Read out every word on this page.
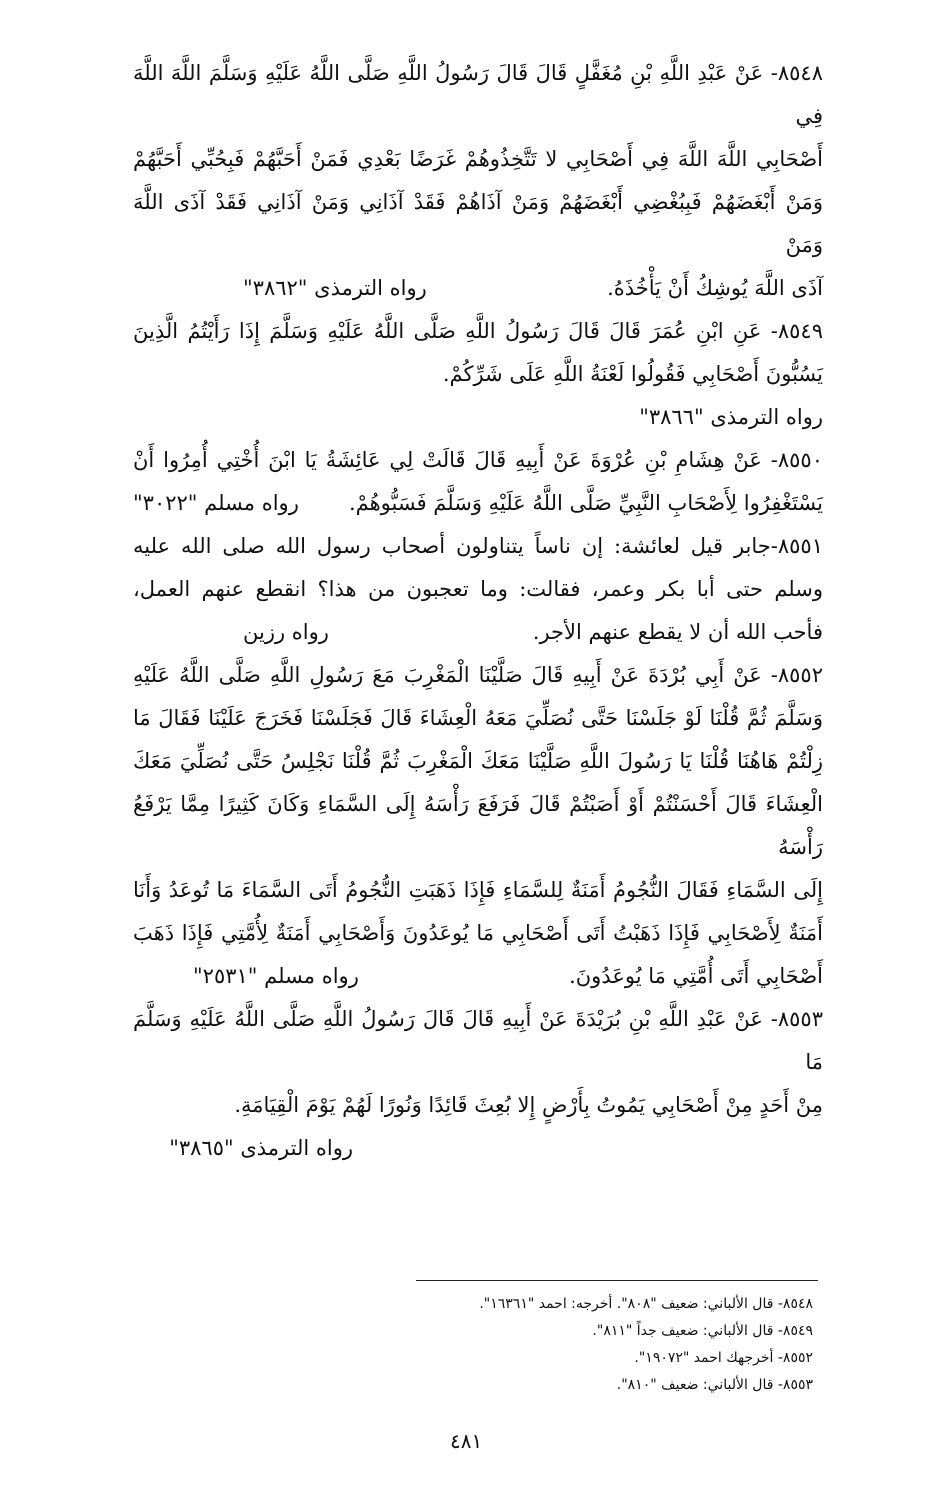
٨٥٤٨- عَنْ عَبْدِ اللَّهِ بْنِ مُغَفَّلٍ قَالَ قَالَ رَسُولُ اللَّهِ صَلَّى اللَّهُ عَلَيْهِ وَسَلَّمَ اللَّهَ اللَّهَ فِي
أَصْحَابِي اللَّهَ اللَّهَ فِي أَصْحَابِي لا تَتَّخِذُوهُمْ غَرَضًا بَعْدِي فَمَنْ أَحَبَّهُمْ فَبِحُبِّي أَحَبَّهُمْ
وَمَنْ أَبْغَضَهُمْ فَبِبُغْضِي أَبْغَضَهُمْ وَمَنْ آذَاهُمْ فَقَدْ آذَانِي وَمَنْ آذَانِي فَقَدْ آذَى اللَّهَ وَمَنْ
آذَى اللَّهَ يُوشِكُ أَنْ يَأْخُذَهُ.
رواه الترمذى "٣٨٦٢"
٨٥٤٩- عَنِ ابْنِ عُمَرَ قَالَ قَالَ رَسُولُ اللَّهِ صَلَّى اللَّهُ عَلَيْهِ وَسَلَّمَ إِذَا رَأَيْتُمُ الَّذِينَ
يَسُبُّونَ أَصْحَابِي فَقُولُوا لَعْنَةُ اللَّهِ عَلَى شَرِّكُمْ.
رواه الترمذى "٣٨٦٦"
٨٥٥٠- عَنْ هِشَامِ بْنِ عُرْوَةَ عَنْ أَبِيهِ قَالَ قَالَتْ لِي عَائِشَةُ يَا ابْنَ أُخْتِي أُمِرُوا أَنْ
يَسْتَغْفِرُوا لِأَصْحَابِ النَّبِيِّ صَلَّى اللَّهُ عَلَيْهِ وَسَلَّمَ فَسَبُّوهُمْ.
رواه مسلم "٣٠٢٢"
٨٥٥١-جابر قيل لعائشة: إن ناساً يتناولون أصحاب رسول الله صلى الله عليه
وسلم حتى أبا بكر وعمر، فقالت: وما تعجبون من هذا؟ انقطع عنهم العمل،
فأحب الله أن لا يقطع عنهم الأجر.
رواه رزين
٨٥٥٢- عَنْ أَبِي بُرْدَةَ عَنْ أَبِيهِ قَالَ صَلَّيْنَا الْمَغْرِبَ مَعَ رَسُولِ اللَّهِ صَلَّى اللَّهُ عَلَيْهِ
وَسَلَّمَ ثُمَّ قُلْنَا لَوْ جَلَسْنَا حَتَّى نُصَلِّيَ مَعَهُ الْعِشَاءَ قَالَ فَجَلَسْنَا فَخَرَجَ عَلَيْنَا فَقَالَ مَا
زِلْتُمْ هَاهُنَا قُلْنَا يَا رَسُولَ اللَّهِ صَلَّيْنَا مَعَكَ الْمَغْرِبَ ثُمَّ قُلْنَا نَجْلِسُ حَتَّى نُصَلِّيَ مَعَكَ
الْعِشَاءَ قَالَ أَحْسَنْتُمْ أَوْ أَصَبْتُمْ قَالَ فَرَفَعَ رَأْسَهُ إِلَى السَّمَاءِ وَكَانَ كَثِيرًا مِمَّا يَرْفَعُ رَأْسَهُ
إِلَى السَّمَاءِ فَقَالَ النُّجُومُ أَمَنَةٌ لِلسَّمَاءِ فَإِذَا ذَهَبَتِ النُّجُومُ أَتَى السَّمَاءَ مَا تُوعَدُ وَأَنَا
أَمَنَةٌ لِأَصْحَابِي فَإِذَا ذَهَبْتُ أَتَى أَصْحَابِي مَا يُوعَدُونَ وَأَصْحَابِي أَمَنَةٌ لِأُمَّتِي فَإِذَا ذَهَبَ
أَصْحَابِي أَتَى أُمَّتِي مَا يُوعَدُونَ.
رواه مسلم "٢٥٣١"
٨٥٥٣- عَنْ عَبْدِ اللَّهِ بْنِ بُرَيْدَةَ عَنْ أَبِيهِ قَالَ قَالَ رَسُولُ اللَّهِ صَلَّى اللَّهُ عَلَيْهِ وَسَلَّمَ مَا
مِنْ أَحَدٍ مِنْ أَصْحَابِي يَمُوتُ بِأَرْضٍ إِلا بُعِثَ قَائِدًا وَنُورًا لَهُمْ يَوْمَ الْقِيَامَةِ.
رواه الترمذى "٣٨٦٥"
٨٥٤٨- قال الألباني: ضعيف "٨٠٨". أخرجه: احمد "١٦٣٦١".
٨٥٤٩- قال الألباني: ضعيف جداً "٨١١".
٨٥٥٢- أخرجهك احمد "١٩٠٧٢".
٨٥٥٣- قال الألباني: ضعيف "٨١٠".
٤٨١
